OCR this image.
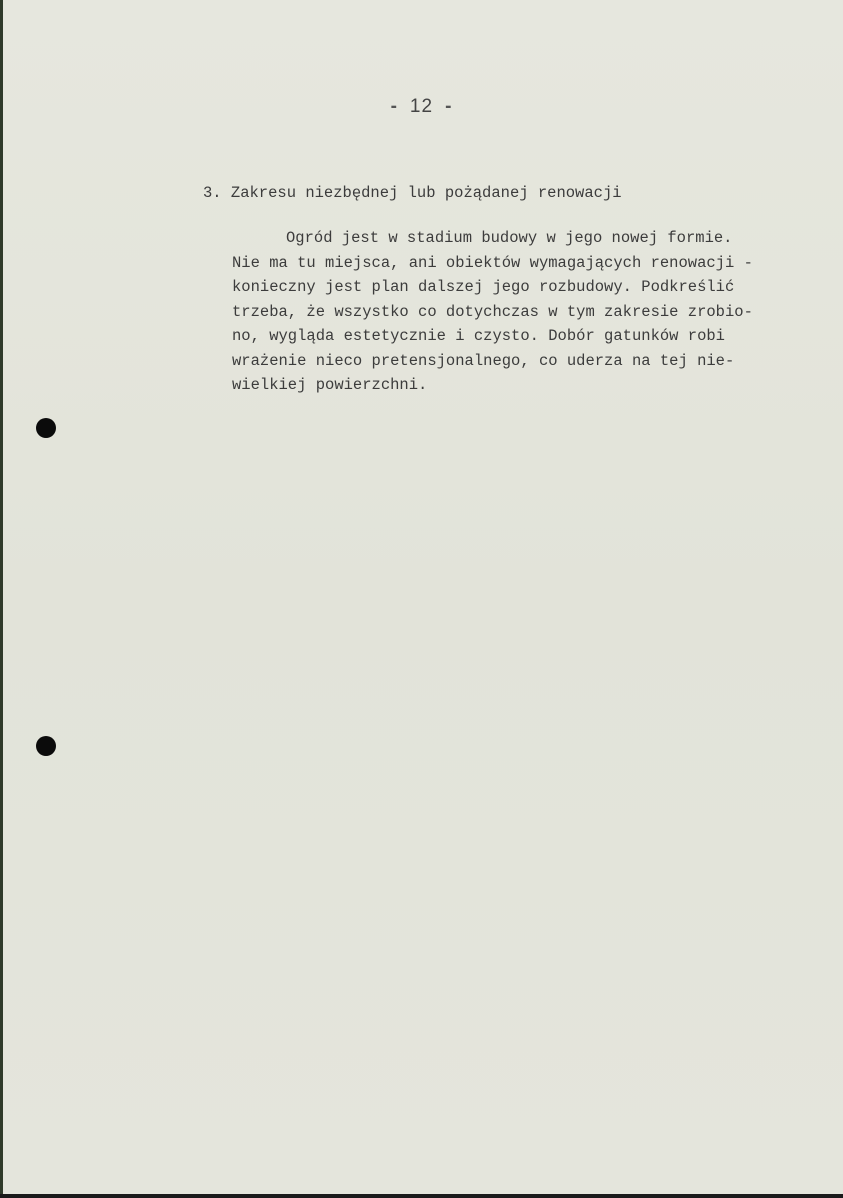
- 12 -
3. Zakresu niezbędnej lub pożądanej renowacji
Ogród jest w stadium budowy w jego nowej formie.
Nie ma tu miejsca, ani obiektów wymagających renowacji -
konieczny jest plan dalszej jego rozbudowy. Podkreślić
trzeba, że wszystko co dotychczas w tym zakresie zrobio-
no, wygląda estetycznie i czysto. Dobór gatunków robi
wrażenie nieco pretensjonalnego, co uderza na tej nie-
wielkiej powierzchni.
